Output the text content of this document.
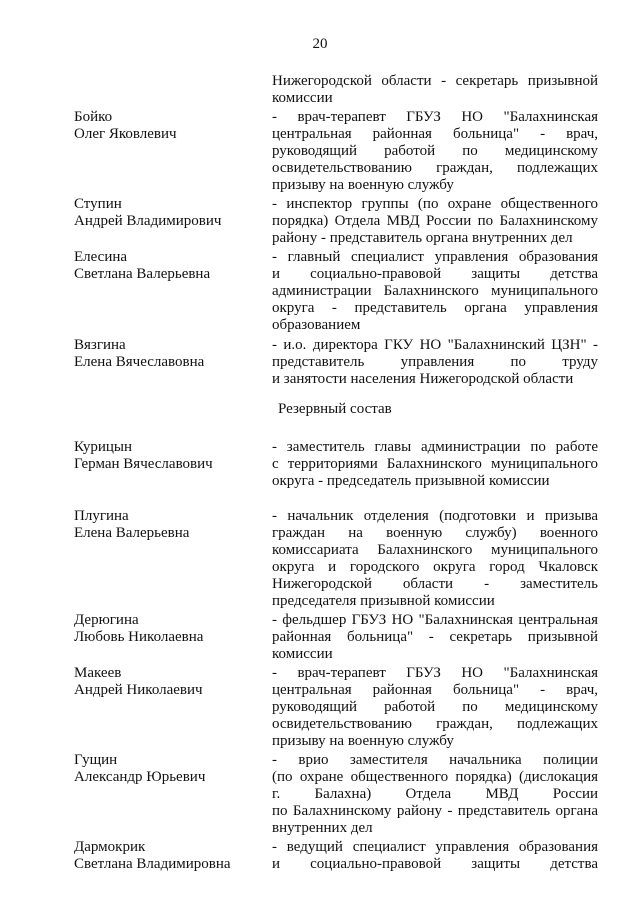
20
Нижегородской области - секретарь призывной
комиссии
Бойко
Олег Яковлевич
- врач-терапевт ГБУЗ НО "Балахнинская
центральная районная больница" - врач,
руководящий работой по медицинскому
освидетельствованию граждан, подлежащих
призыву на военную службу
Ступин
Андрей Владимирович
- инспектор группы (по охране общественного
порядка) Отдела МВД России по Балахнинскому
району - представитель органа внутренних дел
Елесина
Светлана Валерьевна
- главный специалист управления образования
и социально-правовой защиты детства
администрации Балахнинского муниципального
округа - представитель органа управления
образованием
Вязгина
Елена Вячеславовна
- и.о. директора ГКУ НО "Балахнинский ЦЗН" -
представитель управления по труду
и занятости населения Нижегородской области
Резервный состав
Курицын
Герман Вячеславович
- заместитель главы администрации по работе
с территориями Балахнинского муниципального
округа - председатель призывной комиссии
Плугина
Елена Валерьевна
- начальник отделения (подготовки и призыва
граждан на военную службу) военного
комиссариата Балахнинского муниципального
округа и городского округа город Чкаловск
Нижегородской области - заместитель
председателя призывной комиссии
Дерюгина
Любовь Николаевна
- фельдшер ГБУЗ НО "Балахнинская центральная
районная больница" - секретарь призывной
комиссии
Макеев
Андрей Николаевич
- врач-терапевт ГБУЗ НО "Балахнинская
центральная районная больница" - врач,
руководящий работой по медицинскому
освидетельствованию граждан, подлежащих
призыву на военную службу
Гущин
Александр Юрьевич
- врио заместителя начальника полиции
(по охране общественного порядка) (дислокация
г. Балахна) Отдела МВД России
по Балахнинскому району - представитель органа
внутренних дел
Дармокрик
Светлана Владимировна
- ведущий специалист управления образования
и социально-правовой защиты детства
